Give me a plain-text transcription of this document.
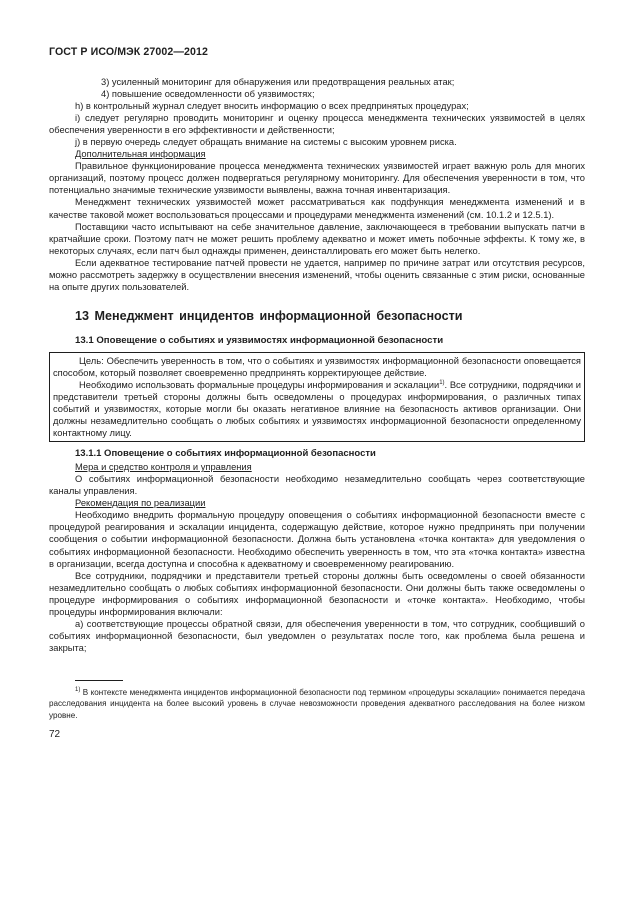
ГОСТ Р ИСО/МЭК 27002—2012

3) усиленный мониторинг для обнаружения или предотвращения реальных атак;

4) повышение осведомленности об уязвимостях;

h) в контрольный журнал следует вносить информацию о всех предпринятых процедурах;

i) следует регулярно проводить мониторинг и оценку процесса менеджмента технических уязвимостей в целях обеспечения уверенности в его эффективности и действенности;

j) в первую очередь следует обращать внимание на системы с высоким уровнем риска.

Дополнительная информация

Правильное функционирование процесса менеджмента технических уязвимостей играет важную роль для многих организаций, поэтому процесс должен подвергаться регулярному мониторингу. Для обеспечения уверенности в том, что потенциально значимые технические уязвимости выявлены, важна точная инвентаризация.

Менеджмент технических уязвимостей может рассматриваться как подфункция менеджмента изменений и в качестве таковой может воспользоваться процессами и процедурами менеджмента изменений (см. 10.1.2 и 12.5.1).

Поставщики часто испытывают на себе значительное давление, заключающееся в требовании выпускать патчи в кратчайшие сроки. Поэтому патч не может решить проблему адекватно и может иметь побочные эффекты. К тому же, в некоторых случаях, если патч был однажды применен, деинсталлировать его может быть нелегко.

Если адекватное тестирование патчей провести не удается, например по причине затрат или отсутствия ресурсов, можно рассмотреть задержку в осуществлении внесения изменений, чтобы оценить связанные с этим риски, основанные на опыте других пользователей.

13 Менеджмент инцидентов информационной безопасности
13.1 Оповещение о событиях и уязвимостях информационной безопасности

Цель: Обеспечить уверенность в том, что о событиях и уязвимостях информационной безопасности оповещается способом, который позволяет своевременно предпринять корректирующее действие.

Необходимо использовать формальные процедуры информирования и эскалации$^{1)}$. Все сотрудники, подрядчики и представители третьей стороны должны быть осведомлены о процедурах информирования, о различных типах событий и уязвимостях, которые могли бы оказать негативное влияние на безопасность активов организации. Они должны незамедлительно сообщать о любых событиях и уязвимостях информационной безопасности определенному контактному лицу.

13.1.1 Оповещение о событиях информационной безопасности

Мера и средство контроля и управления

О событиях информационной безопасности необходимо незамедлительно сообщать через соответствующие каналы управления.

Рекомендация по реализации

Необходимо внедрить формальную процедуру оповещения о событиях информационной безопасности вместе с процедурой реагирования и эскалации инцидента, содержащую действие, которое нужно предпринять при получении сообщения о событии информационной безопасности. Должна быть установлена «точка контакта» для уведомления о событиях информационной безопасности. Необходимо обеспечить уверенность в том, что эта «точка контакта» известна в организации, всегда доступна и способна к адекватному и своевременному реагированию.

Все сотрудники, подрядчики и представители третьей стороны должны быть осведомлены о своей обязанности незамедлительно сообщать о любых событиях информационной безопасности. Они должны быть также осведомлены о процедуре информирования о событиях информационной безопасности и «точке контакта». Необходимо, чтобы процедуры информирования включали:

а) соответствующие процессы обратной связи, для обеспечения уверенности в том, что сотрудник, сообщивший о событиях информационной безопасности, был уведомлен о результатах после того, как проблема была решена и закрыта;

$^{1)}$ В контексте менеджмента инцидентов информационной безопасности под термином «процедуры эскалации» понимается передача расследования инцидента на более высокий уровень в случае невозможности проведения адекватного расследования на более низком уровне.

72
